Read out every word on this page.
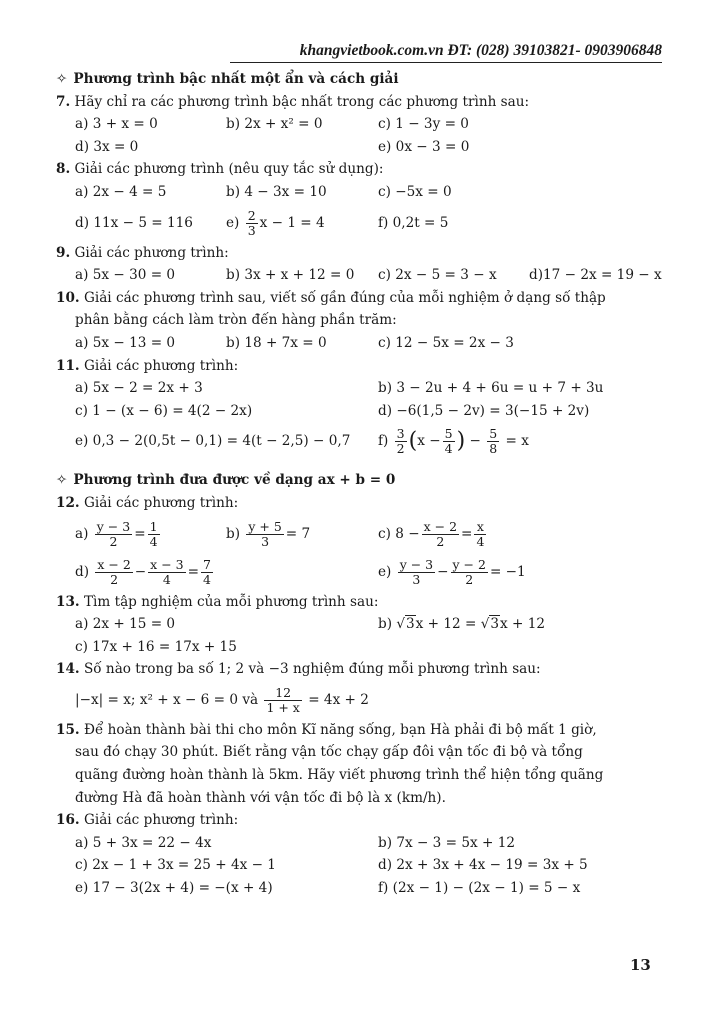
khangvietbook.com.vn ĐT: (028) 39103821- 0903906848

✧ Phương trình bậc nhất một ẩn và cách giải

7. Hãy chỉ ra các phương trình bậc nhất trong các phương trình sau:

a) 3 + x = 0	b) 2x + x² = 0	c) 1 − 3y = 0
d) 3x = 0	e) 0x − 3 = 0

8. Giải các phương trình (nêu quy tắc sử dụng):

a) 2x − 4 = 5	b) 4 − 3x = 10	c) −5x = 0
d) 11x − 5 = 116 $e) \frac{2}{3}$ x − 1 = 4	f) 0,2t = 5

9. Giải các phương trình:

a) 5x − 30 = 0	b) 3x + x + 12 = 0 c) 2x − 5 = 3 − x d)17 − 2x = 19 − x

10. Giải các phương trình sau, viết số gần đúng của mỗi nghiệm ở dạng số thập

phân bằng cách làm tròn đến hàng phần trăm:

a) 5x − 13 = 0	b) 18 + 7x = 0	c) 12 − 5x = 2x − 3

11. Giải các phương trình:

a) 5x − 2 = 2x + 3	b) 3 − 2u + 4 + 6u = u + 7 + 3u
c) 1 − (x − 6) = 4(2 − 2x)	d) −6(1,5 − 2v) = 3(−15 + 2v)
e) 0,3 − 2(0,5t − 0,1) = 4(t − 2,5) − 0,7 $f) \frac{3}{2} (x - \frac{5}{4}$ ) − $\frac{5}{8} = x$

✧ Phương trình đưa được về dạng ax + b = 0

12. Giải các phương trình:

$a) \frac{y - 3}{2} = \frac{1}{4}$	$b) \frac{y + 5}{3} = 7$	c) $8 - \frac{x - 2}{2} = \frac{x}{4}$
$d) \frac{x - 2}{2} - \frac{x - 3}{4} = \frac{7}{4}$	$e) \frac{y - 3}{3} - \frac{y - 2}{2} = -1$

13. Tìm tập nghiệm của mỗi phương trình sau:

a) 2x + 15 = 0	b) √3x + 12 = √3x + 12
c) 17x + 16 = 17x + 15

14. Số nào trong ba số 1; 2 và −3 nghiệm đúng mỗi phương trình sau:

|−x| = x; x² + x − 6 = 0 và $\frac{12}{1 + x} = 4x + 2$

15. Để hoàn thành bài thi cho môn Kĩ năng sống, bạn Hà phải đi bộ mất 1 giờ,

sau đó chạy 30 phút. Biết rằng vận tốc chạy gấp đôi vận tốc đi bộ và tổng

quãng đường hoàn thành là 5km. Hãy viết phương trình thể hiện tổng quãng

đường Hà đã hoàn thành với vận tốc đi bộ là x (km/h).

16. Giải các phương trình:

a) 5 + 3x = 22 − 4x	b) 7x − 3 = 5x + 12
c) 2x − 1 + 3x = 25 + 4x − 1	d) 2x + 3x + 4x − 19 = 3x + 5
e) 17 − 3(2x + 4) = −(x + 4)	f) (2x − 1) − (2x − 1) = 5 − x
13
